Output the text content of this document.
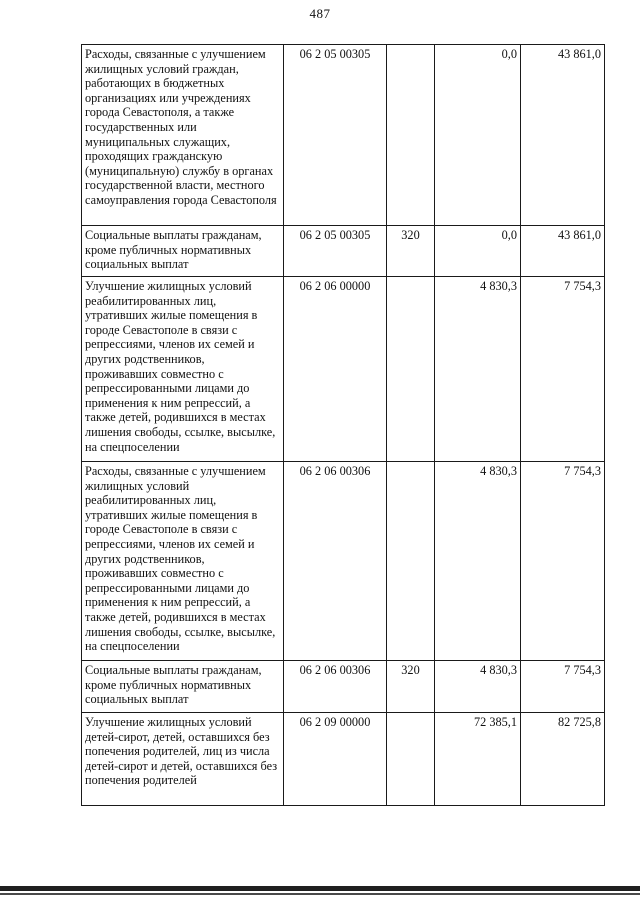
487
Расходы, связанные с улучшением жилищных условий граждан, работающих в бюджетных организациях или учреждениях города Севастополя, а также государственных или муниципальных служащих, проходящих гражданскую (муниципальную) службу в органах государственной власти, местного самоуправления города Севастополя	06 2 05 00305		0,0	43 861,0
Социальные выплаты гражданам, кроме публичных нормативных социальных выплат	06 2 05 00305	320	0,0	43 861,0
Улучшение жилищных условий реабилитированных лиц, утративших жилые помещения в городе Севастополе в связи с репрессиями, членов их семей и других родственников, проживавших совместно с репрессированными лицами до применения к ним репрессий, а также детей, родившихся в местах лишения свободы, ссылке, высылке, на спецпоселении	06 2 06 00000		4 830,3	7 754,3
Расходы, связанные с улучшением жилищных условий реабилитированных лиц, утративших жилые помещения в городе Севастополе в связи с репрессиями, членов их семей и других родственников, проживавших совместно с репрессированными лицами до применения к ним репрессий, а также детей, родившихся в местах лишения свободы, ссылке, высылке, на спецпоселении	06 2 06 00306		4 830,3	7 754,3
Социальные выплаты гражданам, кроме публичных нормативных социальных выплат	06 2 06 00306	320	4 830,3	7 754,3
Улучшение жилищных условий детей-сирот, детей, оставшихся без попечения родителей, лиц из числа детей-сирот и детей, оставшихся без попечения родителей	06 2 09 00000		72 385,1	82 725,8
